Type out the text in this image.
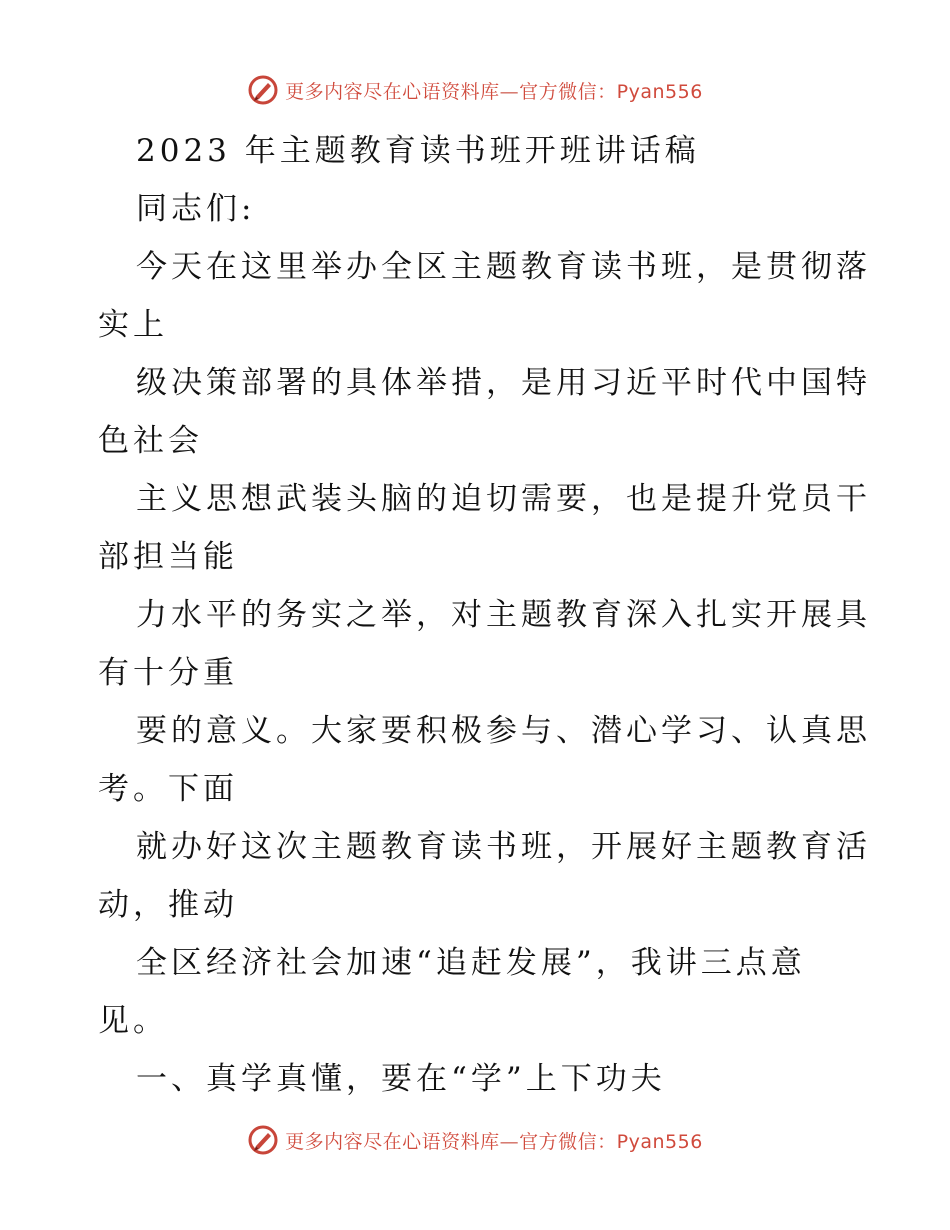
更多内容尽在心语资料库—官方微信：Pyan556
2023 年主题教育读书班开班讲话稿
同志们:
今天在这里举办全区主题教育读书班，是贯彻落
实上
级决策部署的具体举措，是用习近平时代中国特
色社会
主义思想武装头脑的迫切需要，也是提升党员干
部担当能
力水平的务实之举，对主题教育深入扎实开展具
有十分重
要的意义。大家要积极参与、潜心学习、认真思
考。下面
就办好这次主题教育读书班，开展好主题教育活
动，推动
全区经济社会加速“追赶发展”，我讲三点意
见。
一、真学真懂，要在“学”上下功夫
更多内容尽在心语资料库—官方微信：Pyan556
